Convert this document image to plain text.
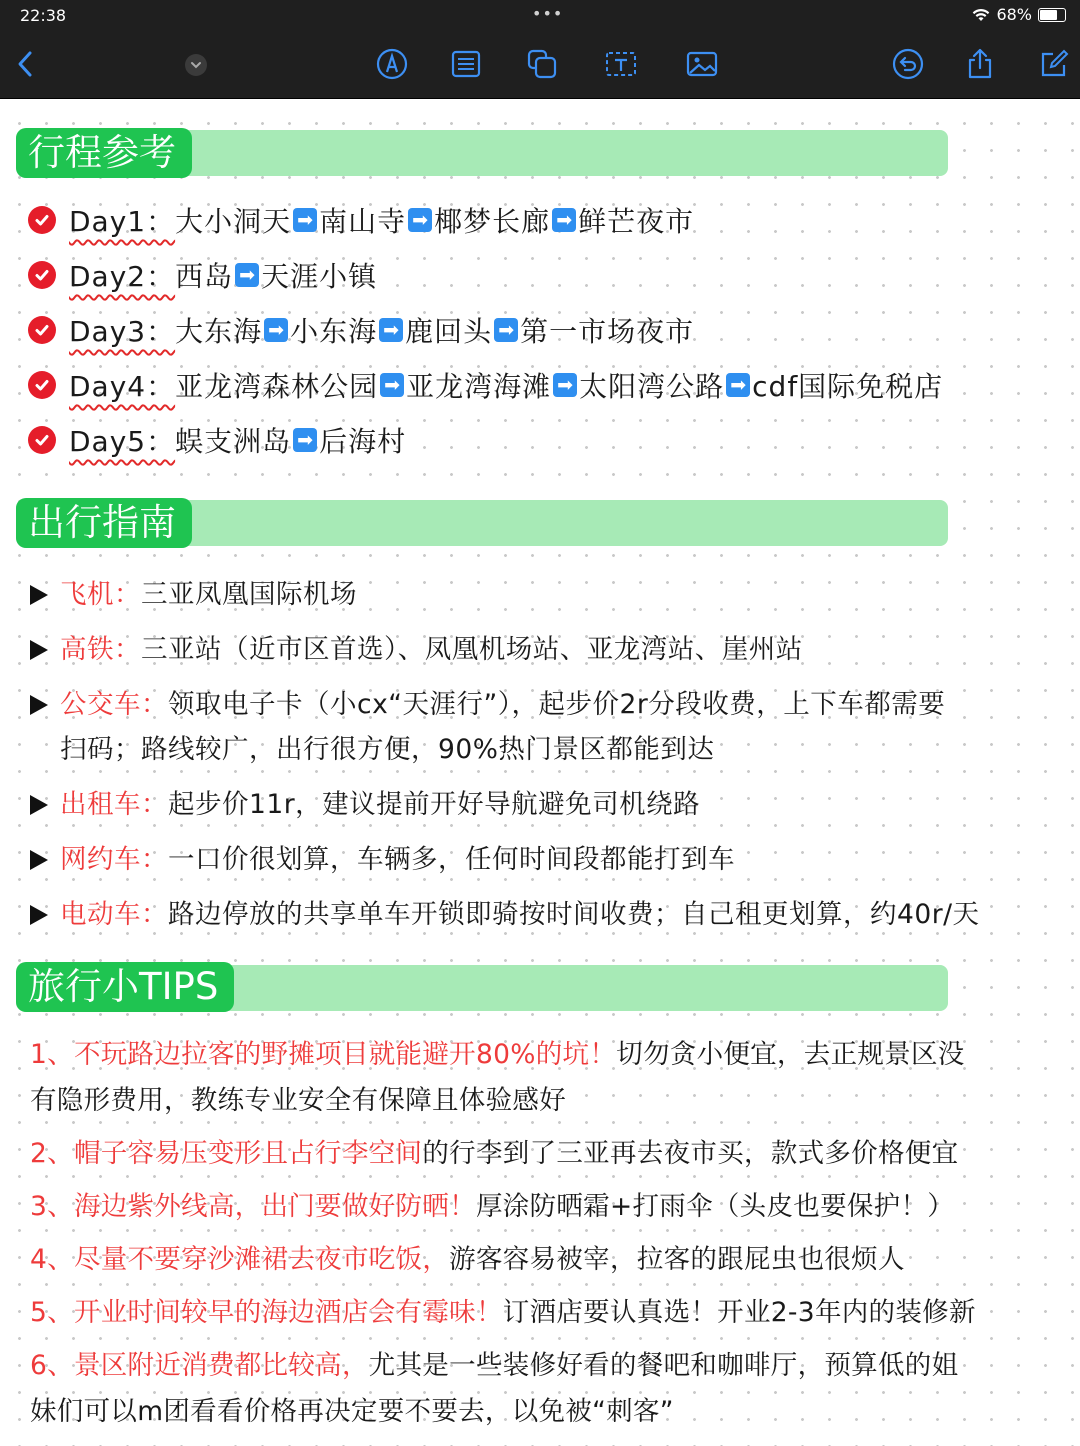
22:38	•••	68%
行程参考
Day1： 大小洞天 ➡ 南山寺 ➡ 椰梦长廊 ➡ 鲜芒夜市
Day2： 西岛 ➡ 天涯小镇
Day3： 大东海 ➡ 小东海 ➡ 鹿回头 ➡ 第一市场夜市
Day4： 亚龙湾森林公园 ➡ 亚龙湾海滩 ➡ 太阳湾公路 ➡ cdf国际免税店
Day5： 蜈支洲岛 ➡ 后海村
出行指南
飞机：三亚凤凰国际机场
高铁：三亚站（近市区首选）、凤凰机场站、亚龙湾站、崖州站
公交车：领取电子卡（小cx“天涯行”），起步价2r分段收费，上下车都需要
扫码；路线较广，出行很方便，90%热门景区都能到达
出租车：起步价11r，建议提前开好导航避免司机绕路
网约车：一口价很划算，车辆多，任何时间段都能打到车
电动车：路边停放的共享单车开锁即骑按时间收费；自己租更划算，约40r/天
旅行小TIPS
1、不玩路边拉客的野摊项目就能避开80%的坑！切勿贪小便宜，去正规景区没
有隐形费用，教练专业安全有保障且体验感好
2、帽子容易压变形且占行李空间的行李到了三亚再去夜市买，款式多价格便宜
3、海边紫外线高，出门要做好防晒！厚涂防晒霜+打雨伞（头皮也要保护！）
4、尽量不要穿沙滩裙去夜市吃饭，游客容易被宰，拉客的跟屁虫也很烦人
5、开业时间较早的海边酒店会有霉味！订酒店要认真选！开业2-3年内的装修新
6、景区附近消费都比较高，尤其是一些装修好看的餐吧和咖啡厅，预算低的姐
妹们可以m团看看价格再决定要不要去，以免被“刺客”
